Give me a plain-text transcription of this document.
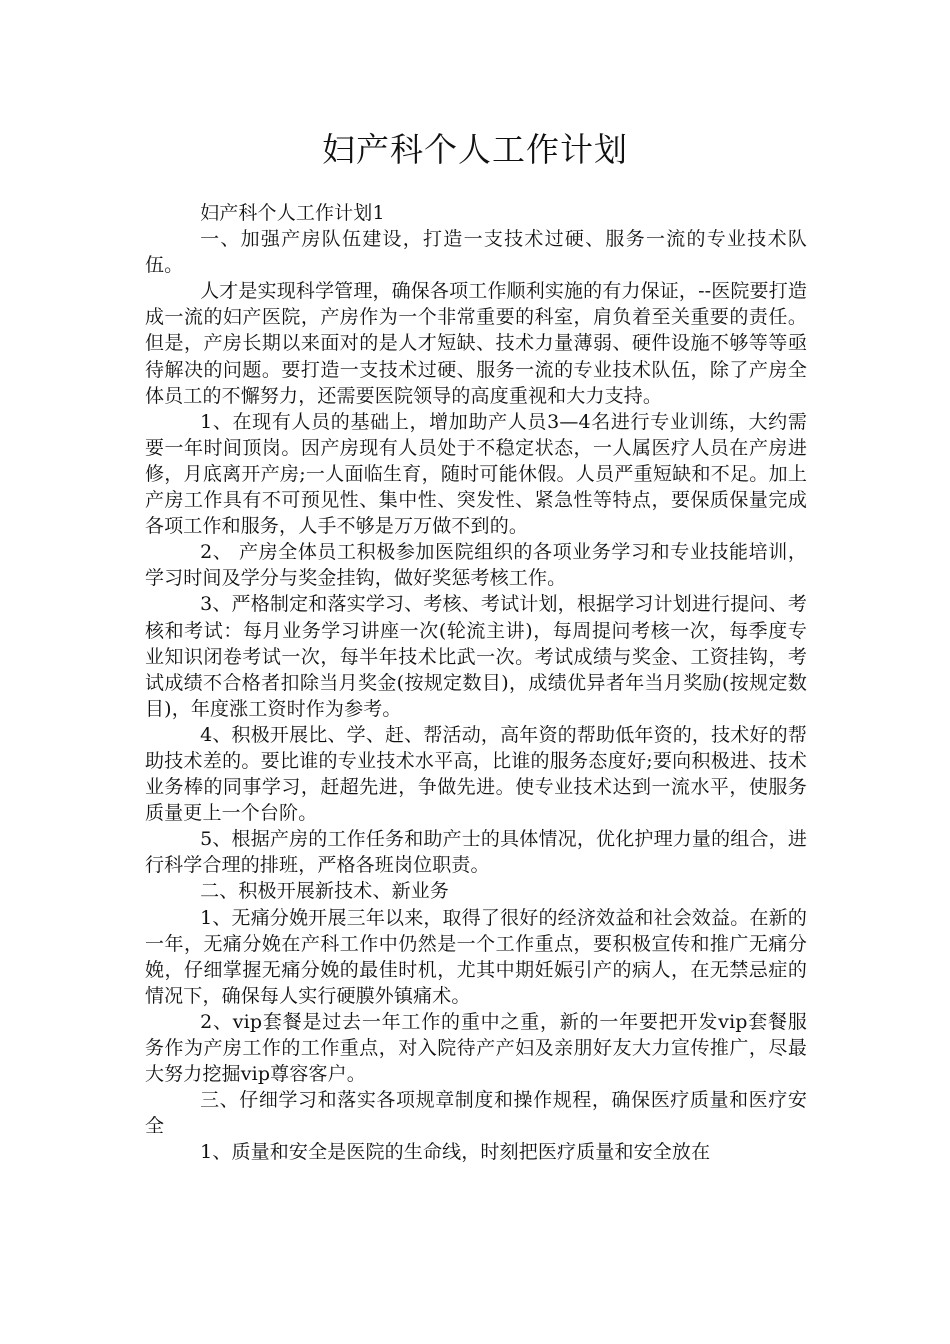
妇产科个人工作计划

妇产科个人工作计划1

一、加强产房队伍建设，打造一支技术过硬、服务一流的专业技术队伍。

人才是实现科学管理，确保各项工作顺利实施的有力保证，--医院要打造成一流的妇产医院，产房作为一个非常重要的科室，肩负着至关重要的责任。但是，产房长期以来面对的是人才短缺、技术力量薄弱、硬件设施不够等等亟待解决的问题。要打造一支技术过硬、服务一流的专业技术队伍，除了产房全体员工的不懈努力，还需要医院领导的高度重视和大力支持。

1、在现有人员的基础上，增加助产人员3—4名进行专业训练，大约需要一年时间顶岗。因产房现有人员处于不稳定状态，一人属医疗人员在产房进修，月底离开产房;一人面临生育，随时可能休假。人员严重短缺和不足。加上产房工作具有不可预见性、集中性、突发性、紧急性等特点，要保质保量完成各项工作和服务，人手不够是万万做不到的。

2、 产房全体员工积极参加医院组织的各项业务学习和专业技能培训，学习时间及学分与奖金挂钩，做好奖惩考核工作。

3、严格制定和落实学习、考核、考试计划，根据学习计划进行提问、考核和考试：每月业务学习讲座一次(轮流主讲)，每周提问考核一次，每季度专业知识闭卷考试一次，每半年技术比武一次。考试成绩与奖金、工资挂钩，考试成绩不合格者扣除当月奖金(按规定数目)，成绩优异者年当月奖励(按规定数目)，年度涨工资时作为参考。

4、积极开展比、学、赶、帮活动，高年资的帮助低年资的，技术好的帮助技术差的。要比谁的专业技术水平高，比谁的服务态度好;要向积极进、技术业务棒的同事学习，赶超先进，争做先进。使专业技术达到一流水平，使服务质量更上一个台阶。

5、根据产房的工作任务和助产士的具体情况，优化护理力量的组合，进行科学合理的排班，严格各班岗位职责。

二、积极开展新技术、新业务

1、无痛分娩开展三年以来，取得了很好的经济效益和社会效益。在新的一年，无痛分娩在产科工作中仍然是一个工作重点，要积极宣传和推广无痛分娩，仔细掌握无痛分娩的最佳时机，尤其中期妊娠引产的病人，在无禁忌症的情况下，确保每人实行硬膜外镇痛术。

2、vip套餐是过去一年工作的重中之重，新的一年要把开发vip套餐服务作为产房工作的工作重点，对入院待产产妇及亲朋好友大力宣传推广，尽最大努力挖掘vip尊容客户。

三、仔细学习和落实各项规章制度和操作规程，确保医疗质量和医疗安全

1、质量和安全是医院的生命线，时刻把医疗质量和安全放在
